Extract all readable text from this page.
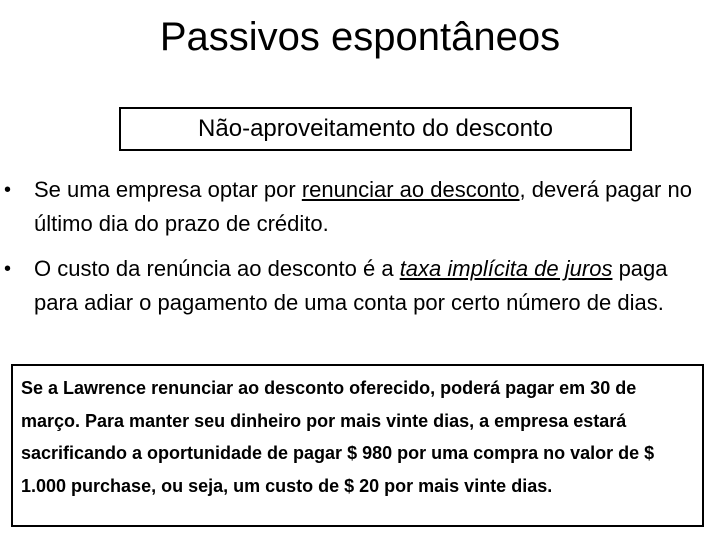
Passivos espontâneos
Não-aproveitamento do desconto
• Se uma empresa optar por renunciar ao desconto, deverá pagar no último dia do prazo de crédito.
• O custo da renúncia ao desconto é a taxa implícita de juros paga para adiar o pagamento de uma conta por certo número de dias.
Se a Lawrence renunciar ao desconto oferecido, poderá pagar em 30 de março. Para manter seu dinheiro por mais vinte dias, a empresa estará sacrificando a oportunidade de pagar $ 980 por uma compra no valor de $ 1.000 purchase, ou seja, um custo de $ 20 por mais vinte dias.
